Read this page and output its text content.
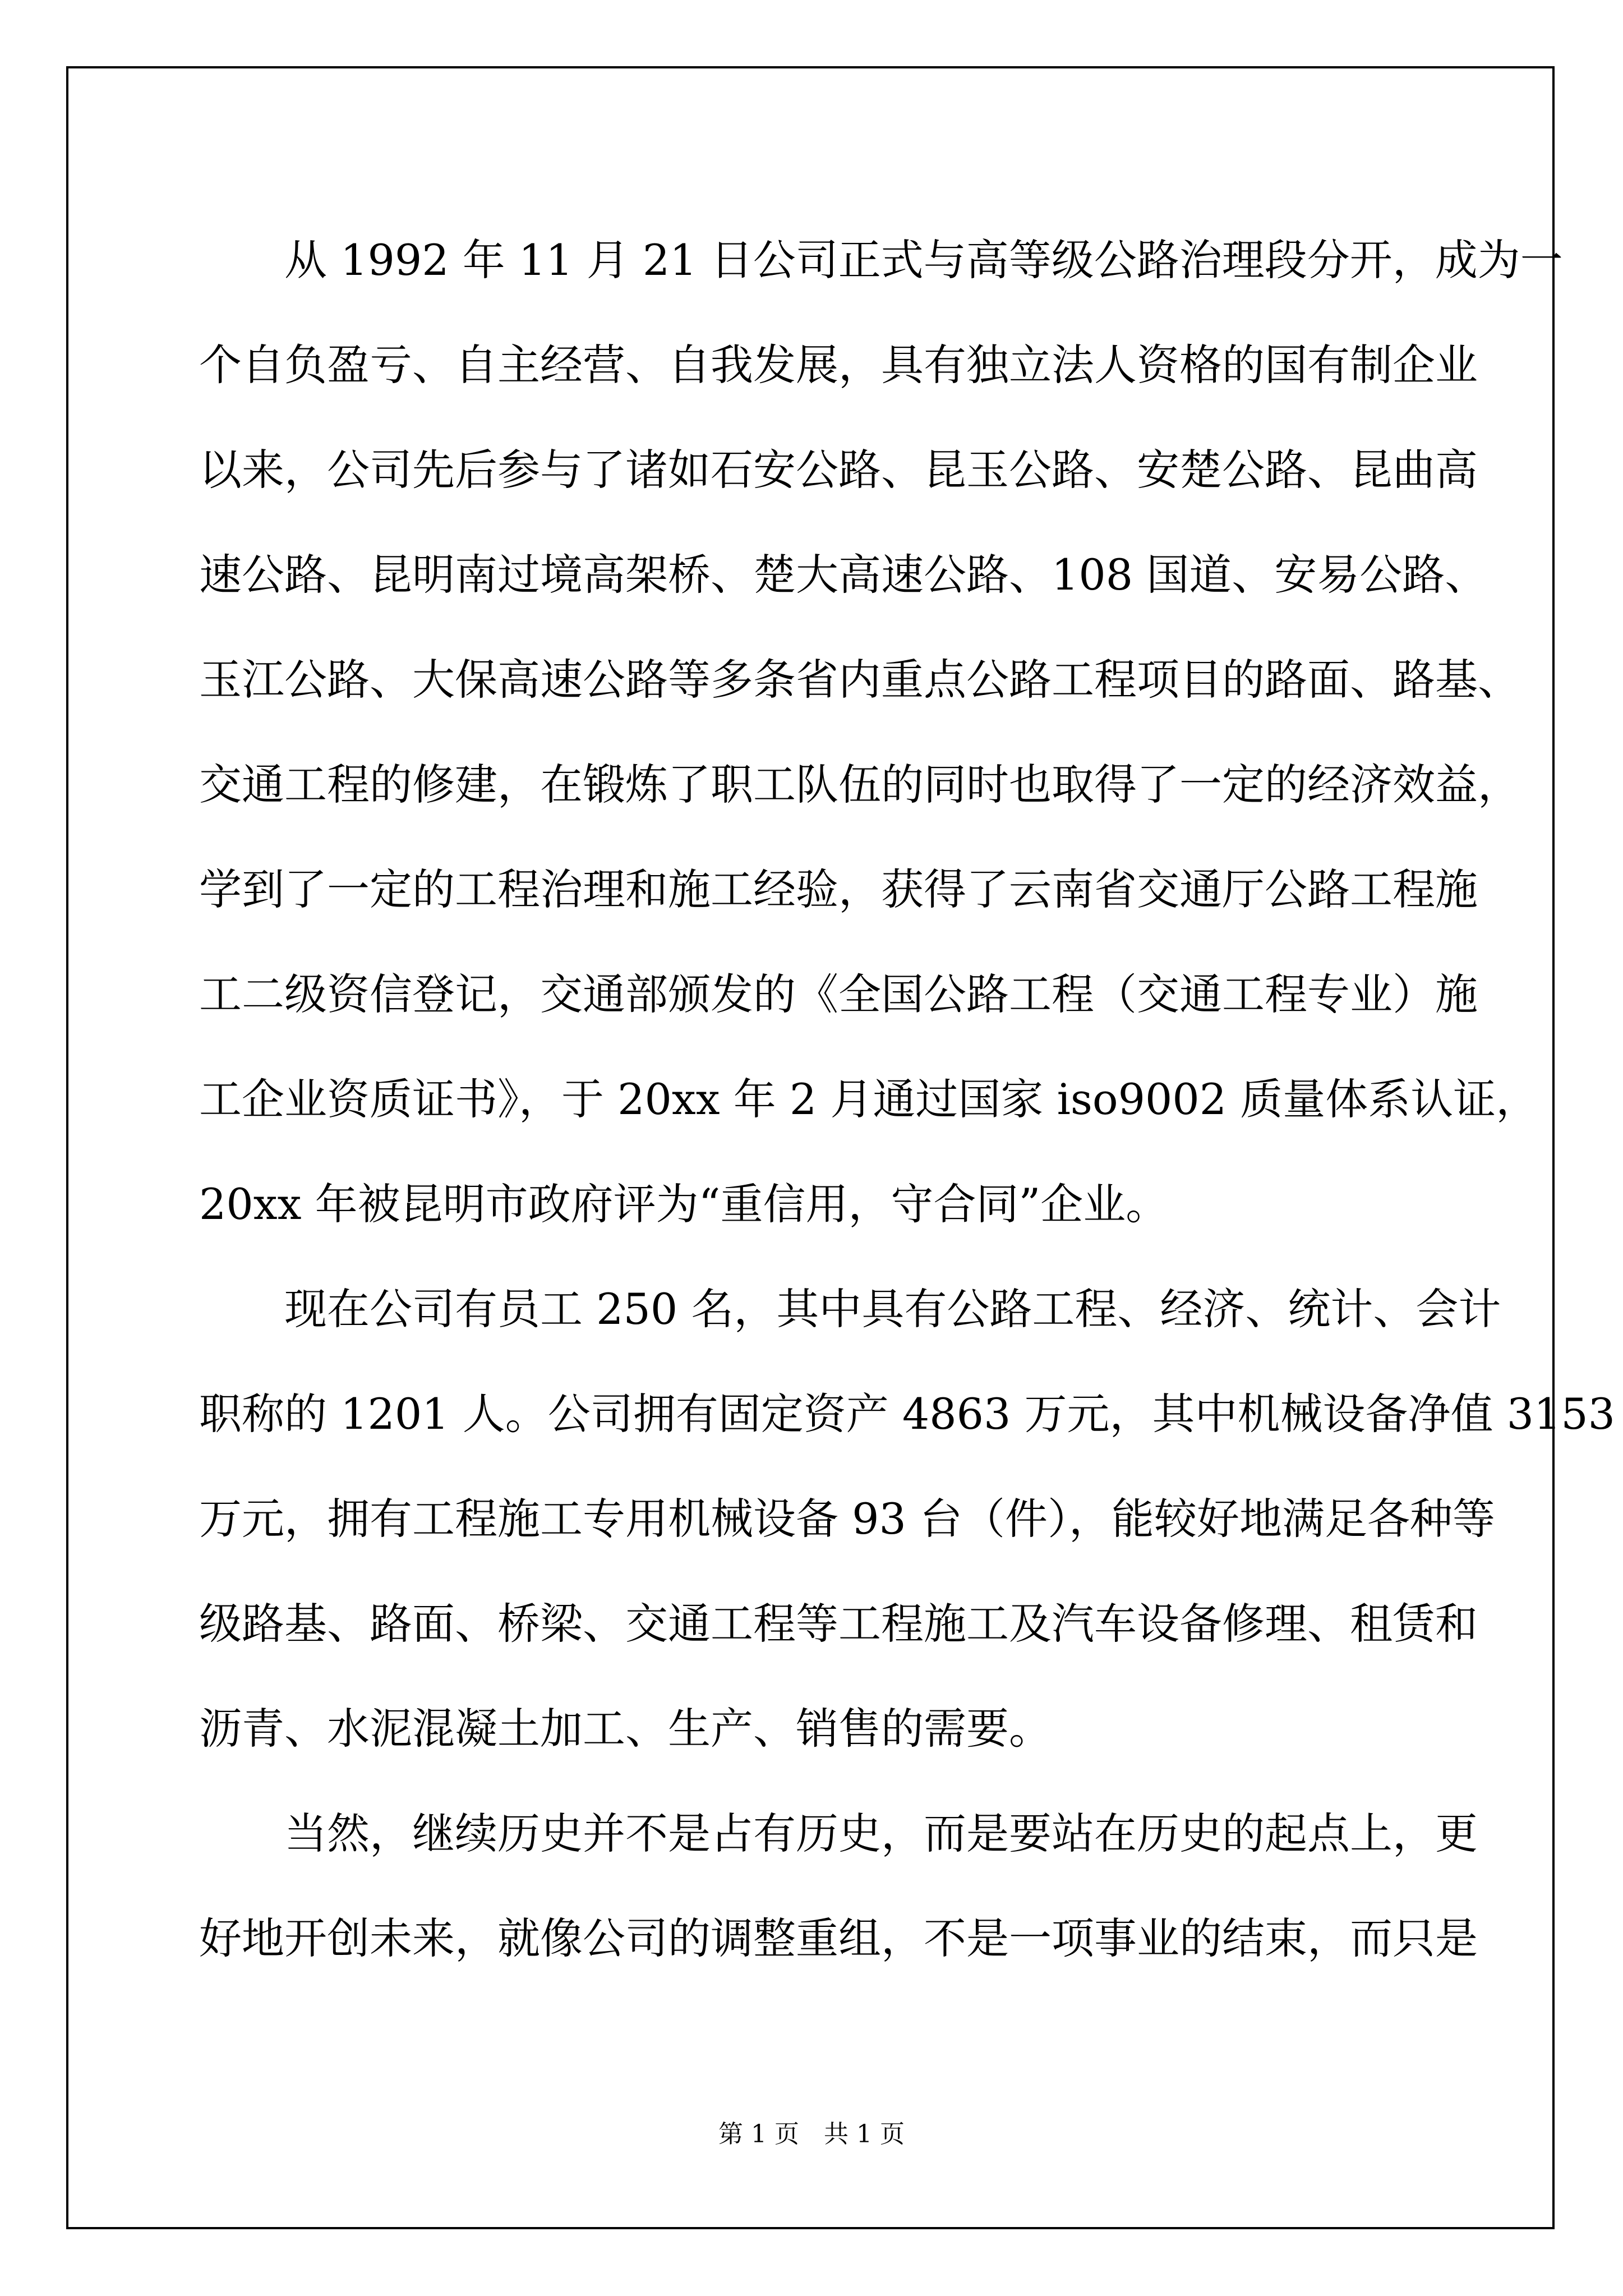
从 1992 年 11 月 21 日公司正式与高等级公路治理段分开，成为一
个自负盈亏、自主经营、自我发展，具有独立法人资格的国有制企业
以来，公司先后参与了诸如石安公路、昆玉公路、安楚公路、昆曲高
速公路、昆明南过境高架桥、楚大高速公路、108 国道、安易公路、
玉江公路、大保高速公路等多条省内重点公路工程项目的路面、路基、
交通工程的修建，在锻炼了职工队伍的同时也取得了一定的经济效益，
学到了一定的工程治理和施工经验，获得了云南省交通厅公路工程施
工二级资信登记，交通部颁发的《全国公路工程（交通工程专业）施
工企业资质证书》，于 20xx 年 2 月通过国家 iso9002 质量体系认证，
20xx 年被昆明市政府评为“重信用，守合同”企业。
现在公司有员工 250 名，其中具有公路工程、经济、统计、会计
职称的 1201 人。公司拥有固定资产 4863 万元，其中机械设备净值 3153
万元，拥有工程施工专用机械设备 93 台（件），能较好地满足各种等
级路基、路面、桥梁、交通工程等工程施工及汽车设备修理、租赁和
沥青、水泥混凝土加工、生产、销售的需要。
当然，继续历史并不是占有历史，而是要站在历史的起点上，更
好地开创未来，就像公司的调整重组，不是一项事业的结束，而只是
第 1 页　共 1 页
